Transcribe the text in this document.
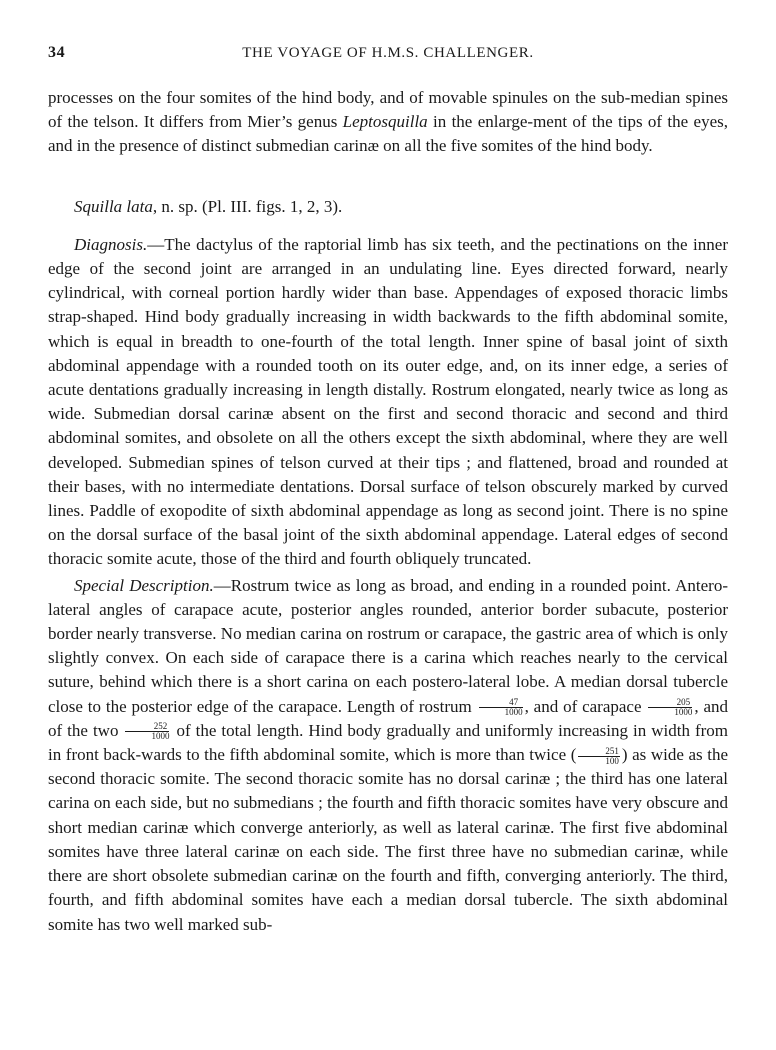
34	THE VOYAGE OF H.M.S. CHALLENGER.

processes on the four somites of the hind body, and of movable spinules on the sub-median spines of the telson. It differs from Mier’s genus Leptosquilla in the enlarge-ment of the tips of the eyes, and in the presence of distinct submedian carinæ on all the five somites of the hind body.

Squilla lata, n. sp. (Pl. III. figs. 1, 2, 3).

Diagnosis.—The dactylus of the raptorial limb has six teeth, and the pectinations on the inner edge of the second joint are arranged in an undulating line. Eyes directed forward, nearly cylindrical, with corneal portion hardly wider than base. Appendages of exposed thoracic limbs strap-shaped. Hind body gradually increasing in width backwards to the fifth abdominal somite, which is equal in breadth to one-fourth of the total length. Inner spine of basal joint of sixth abdominal appendage with a rounded tooth on its outer edge, and, on its inner edge, a series of acute dentations gradually increasing in length distally. Rostrum elongated, nearly twice as long as wide. Submedian dorsal carinæ absent on the first and second thoracic and second and third abdominal somites, and obsolete on all the others except the sixth abdominal, where they are well developed. Submedian spines of telson curved at their tips ; and flattened, broad and rounded at their bases, with no intermediate dentations. Dorsal surface of telson obscurely marked by curved lines. Paddle of exopodite of sixth abdominal appendage as long as second joint. There is no spine on the dorsal surface of the basal joint of the sixth abdominal appendage. Lateral edges of second thoracic somite acute, those of the third and fourth obliquely truncated.

Special Description.—Rostrum twice as long as broad, and ending in a rounded point. Antero-lateral angles of carapace acute, posterior angles rounded, anterior border subacute, posterior border nearly transverse. No median carina on rostrum or carapace, the gastric area of which is only slightly convex. On each side of carapace there is a carina which reaches nearly to the cervical suture, behind which there is a short carina on each postero-lateral lobe. A median dorsal tubercle close to the posterior edge of the carapace. Length of rostrum $\frac{47}{1000}$ , and of carapace $\frac{205}{1000}$ , and of the two $\frac{252}{1000}$ of the total length. Hind body gradually and uniformly increasing in width from in front back-wards to the fifth abdominal somite, which is more than twice ( $\frac{251}{100}$ ) as wide as the second thoracic somite. The second thoracic somite has no dorsal carinæ ; the third has one lateral carina on each side, but no submedians ; the fourth and fifth thoracic somites have very obscure and short median carinæ which converge anteriorly, as well as lateral carinæ. The first five abdominal somites have three lateral carinæ on each side. The first three have no submedian carinæ, while there are short obsolete submedian carinæ on the fourth and fifth, converging anteriorly. The third, fourth, and fifth abdominal somites have each a median dorsal tubercle. The sixth abdominal somite has two well marked sub-
